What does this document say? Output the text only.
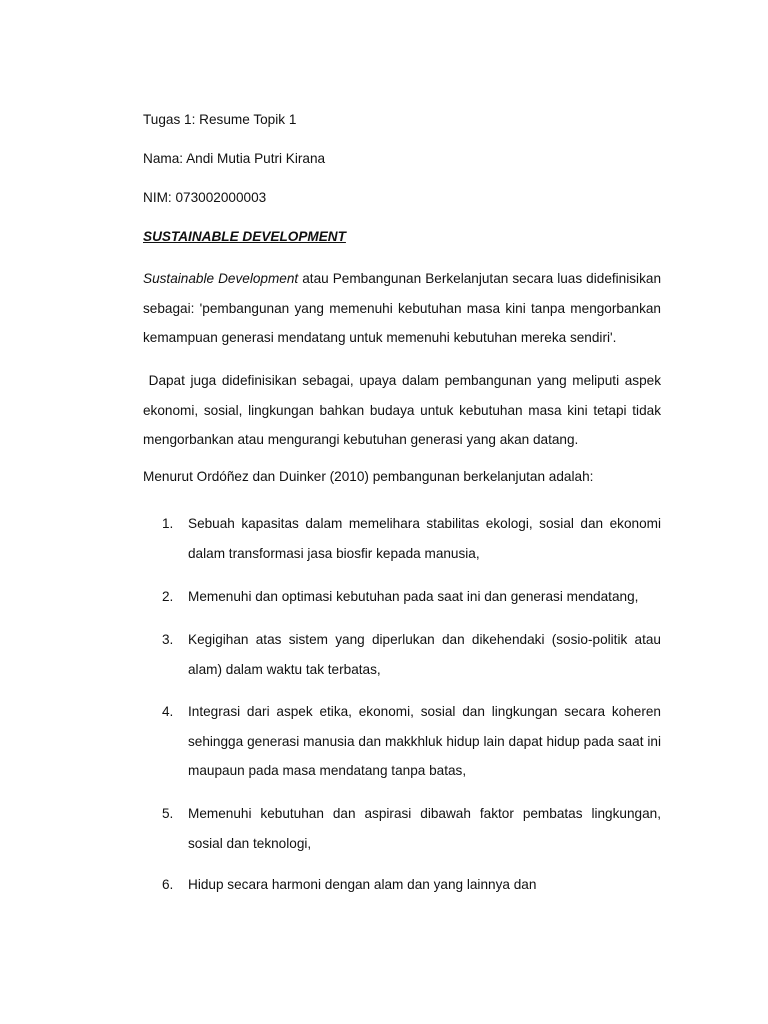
Tugas 1: Resume Topik 1
Nama: Andi Mutia Putri Kirana
NIM: 073002000003
SUSTAINABLE DEVELOPMENT
Sustainable Development atau Pembangunan Berkelanjutan secara luas didefinisikan sebagai: 'pembangunan yang memenuhi kebutuhan masa kini tanpa mengorbankan kemampuan generasi mendatang untuk memenuhi kebutuhan mereka sendiri'.
Dapat juga didefinisikan sebagai, upaya dalam pembangunan yang meliputi aspek ekonomi, sosial, lingkungan bahkan budaya untuk kebutuhan masa kini tetapi tidak mengorbankan atau mengurangi kebutuhan generasi yang akan datang.
Menurut Ordóñez dan Duinker (2010) pembangunan berkelanjutan adalah:
1.	Sebuah kapasitas dalam memelihara stabilitas ekologi, sosial dan ekonomi dalam transformasi jasa biosfir kepada manusia,
2.	Memenuhi dan optimasi kebutuhan pada saat ini dan generasi mendatang,
3.	Kegigihan atas sistem yang diperlukan dan dikehendaki (sosio-politik atau alam) dalam waktu tak terbatas,
4.	Integrasi dari aspek etika, ekonomi, sosial dan lingkungan secara koheren sehingga generasi manusia dan makkhluk hidup lain dapat hidup pada saat ini maupaun pada masa mendatang tanpa batas,
5.	Memenuhi kebutuhan dan aspirasi dibawah faktor pembatas lingkungan, sosial dan teknologi,
6.	Hidup secara harmoni dengan alam dan yang lainnya dan
